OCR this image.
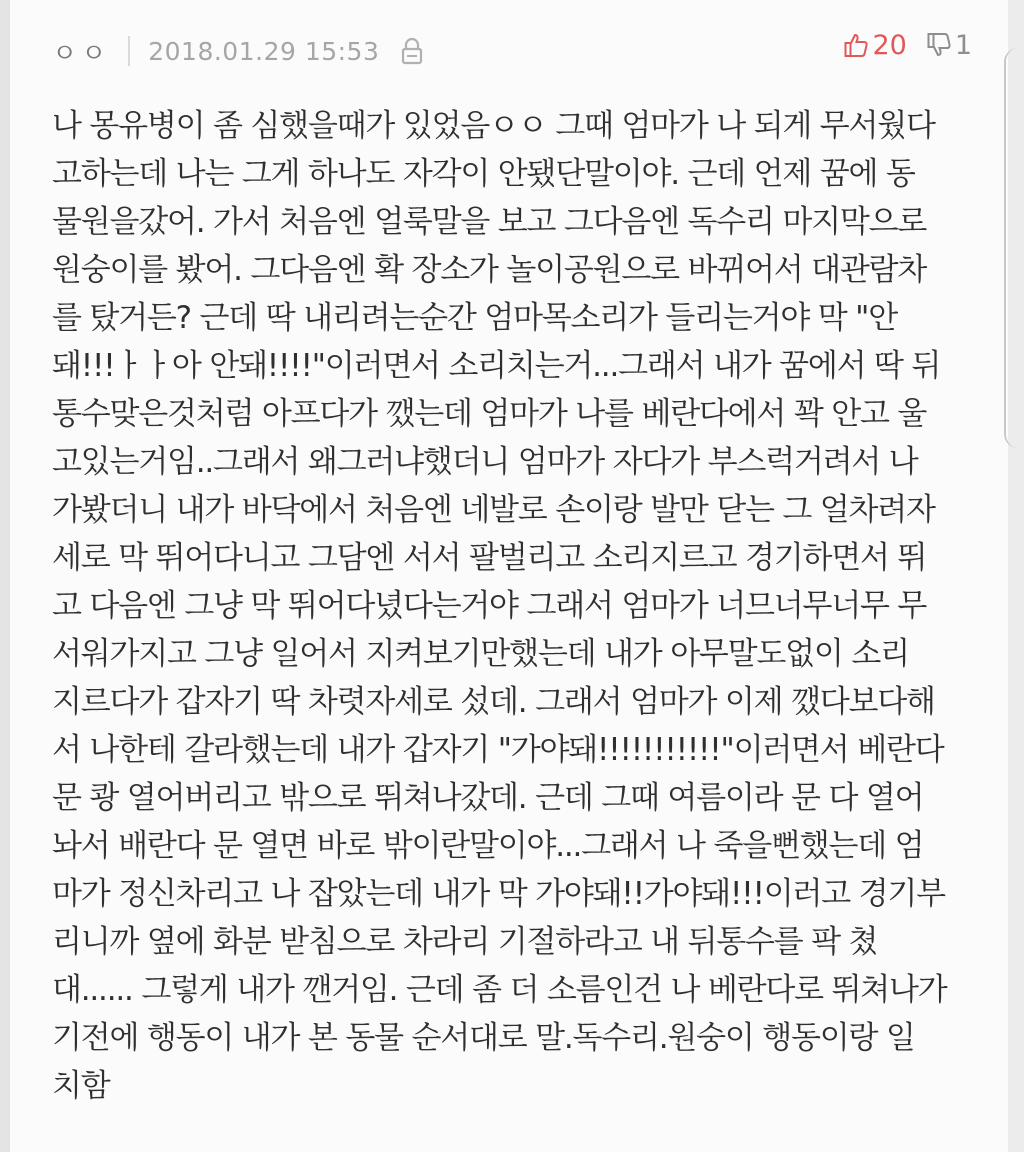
ㅇㅇ 2018.01.29 15:53	20 1
나 몽유병이 좀 심했을때가 있었음ㅇㅇ 그때 엄마가 나 되게 무서웠다
고하는데 나는 그게 하나도 자각이 안됐단말이야. 근데 언제 꿈에 동
물원을갔어. 가서 처음엔 얼룩말을 보고 그다음엔 독수리 마지막으로
원숭이를 봤어. 그다음엔 확 장소가 놀이공원으로 바뀌어서 대관람차
를 탔거든? 근데 딱 내리려는순간 엄마목소리가 들리는거야 막 "안
돼!!!ㅏㅏ아 안돼!!!!"이러면서 소리치는거...그래서 내가 꿈에서 딱 뒤
통수맞은것처럼 아프다가 깼는데 엄마가 나를 베란다에서 꽉 안고 울
고있는거임..그래서 왜그러냐했더니 엄마가 자다가 부스럭거려서 나
가봤더니 내가 바닥에서 처음엔 네발로 손이랑 발만 닫는 그 얼차려자
세로 막 뛰어다니고 그담엔 서서 팔벌리고 소리지르고 경기하면서 뛰
고 다음엔 그냥 막 뛰어다녔다는거야 그래서 엄마가 너므너무너무 무
서워가지고 그냥 일어서 지켜보기만했는데 내가 아무말도없이 소리
지르다가 갑자기 딱 차렷자세로 섰데. 그래서 엄마가 이제 깼다보다해
서 나한테 갈라했는데 내가 갑자기 "가야돼!!!!!!!!!!!"이러면서 베란다
문 쾅 열어버리고 밖으로 뛰쳐나갔데. 근데 그때 여름이라 문 다 열어
놔서 배란다 문 열면 바로 밖이란말이야...그래서 나 죽을뻔했는데 엄
마가 정신차리고 나 잡았는데 내가 막 가야돼!!가야돼!!!이러고 경기부
리니까 옆에 화분 받침으로 차라리 기절하라고 내 뒤통수를 팍 쳤
대...... 그렇게 내가 깬거임. 근데 좀 더 소름인건 나 베란다로 뛰쳐나가
기전에 행동이 내가 본 동물 순서대로 말.독수리.원숭이 행동이랑 일
치함
